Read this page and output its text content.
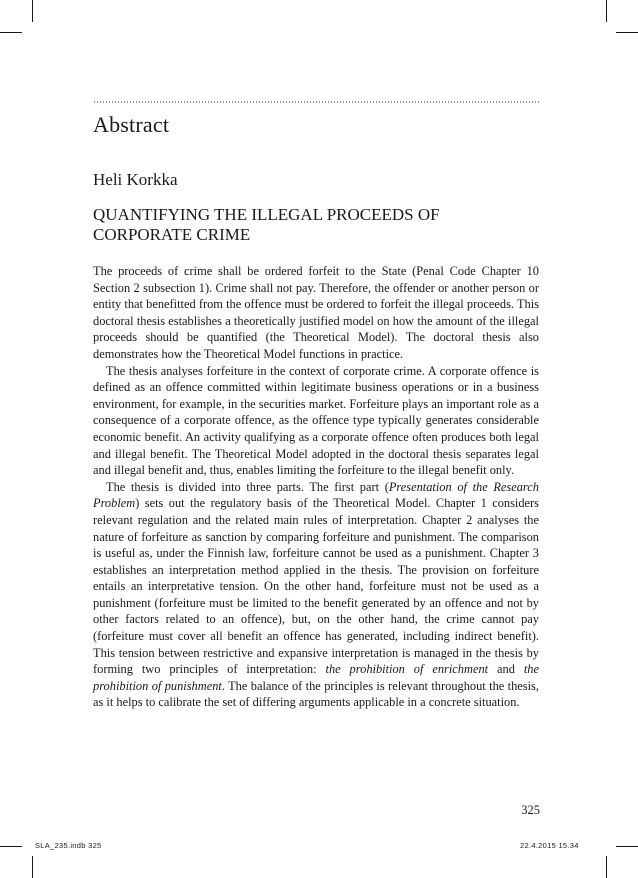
Abstract
Heli Korkka
QUANTIFYING THE ILLEGAL PROCEEDS OF CORPORATE CRIME

The proceeds of crime shall be ordered forfeit to the State (Penal Code Chapter 10 Section 2 subsection 1). Crime shall not pay. Therefore, the offender or another person or entity that benefitted from the offence must be ordered to forfeit the illegal proceeds. This doctoral thesis establishes a theoretically justified model on how the amount of the illegal proceeds should be quantified (the Theoretical Model). The doctoral thesis also demonstrates how the Theoretical Model functions in practice.

The thesis analyses forfeiture in the context of corporate crime. A corporate offence is defined as an offence committed within legitimate business operations or in a business environment, for example, in the securities market. Forfeiture plays an important role as a consequence of a corporate offence, as the offence type typically generates considerable economic benefit. An activity qualifying as a corporate offence often produces both legal and illegal benefit. The Theoretical Model adopted in the doctoral thesis separates legal and illegal benefit and, thus, enables limiting the forfeiture to the illegal benefit only.

The thesis is divided into three parts. The first part (Presentation of the Research Problem) sets out the regulatory basis of the Theoretical Model. Chapter 1 considers relevant regulation and the related main rules of interpretation. Chapter 2 analyses the nature of forfeiture as sanction by comparing forfeiture and punishment. The comparison is useful as, under the Finnish law, forfeiture cannot be used as a punishment. Chapter 3 establishes an interpretation method applied in the thesis. The provision on forfeiture entails an interpretative tension. On the other hand, forfeiture must not be used as a punishment (forfeiture must be limited to the benefit generated by an offence and not by other factors related to an offence), but, on the other hand, the crime cannot pay (forfeiture must cover all benefit an offence has generated, including indirect benefit). This tension between restrictive and expansive interpretation is managed in the thesis by forming two principles of interpretation: the prohibition of enrichment and the prohibition of punishment. The balance of the principles is relevant throughout the thesis, as it helps to calibrate the set of differing arguments applicable in a concrete situation.

325
SLA_235.indb 325	22.4.2015 15.34
